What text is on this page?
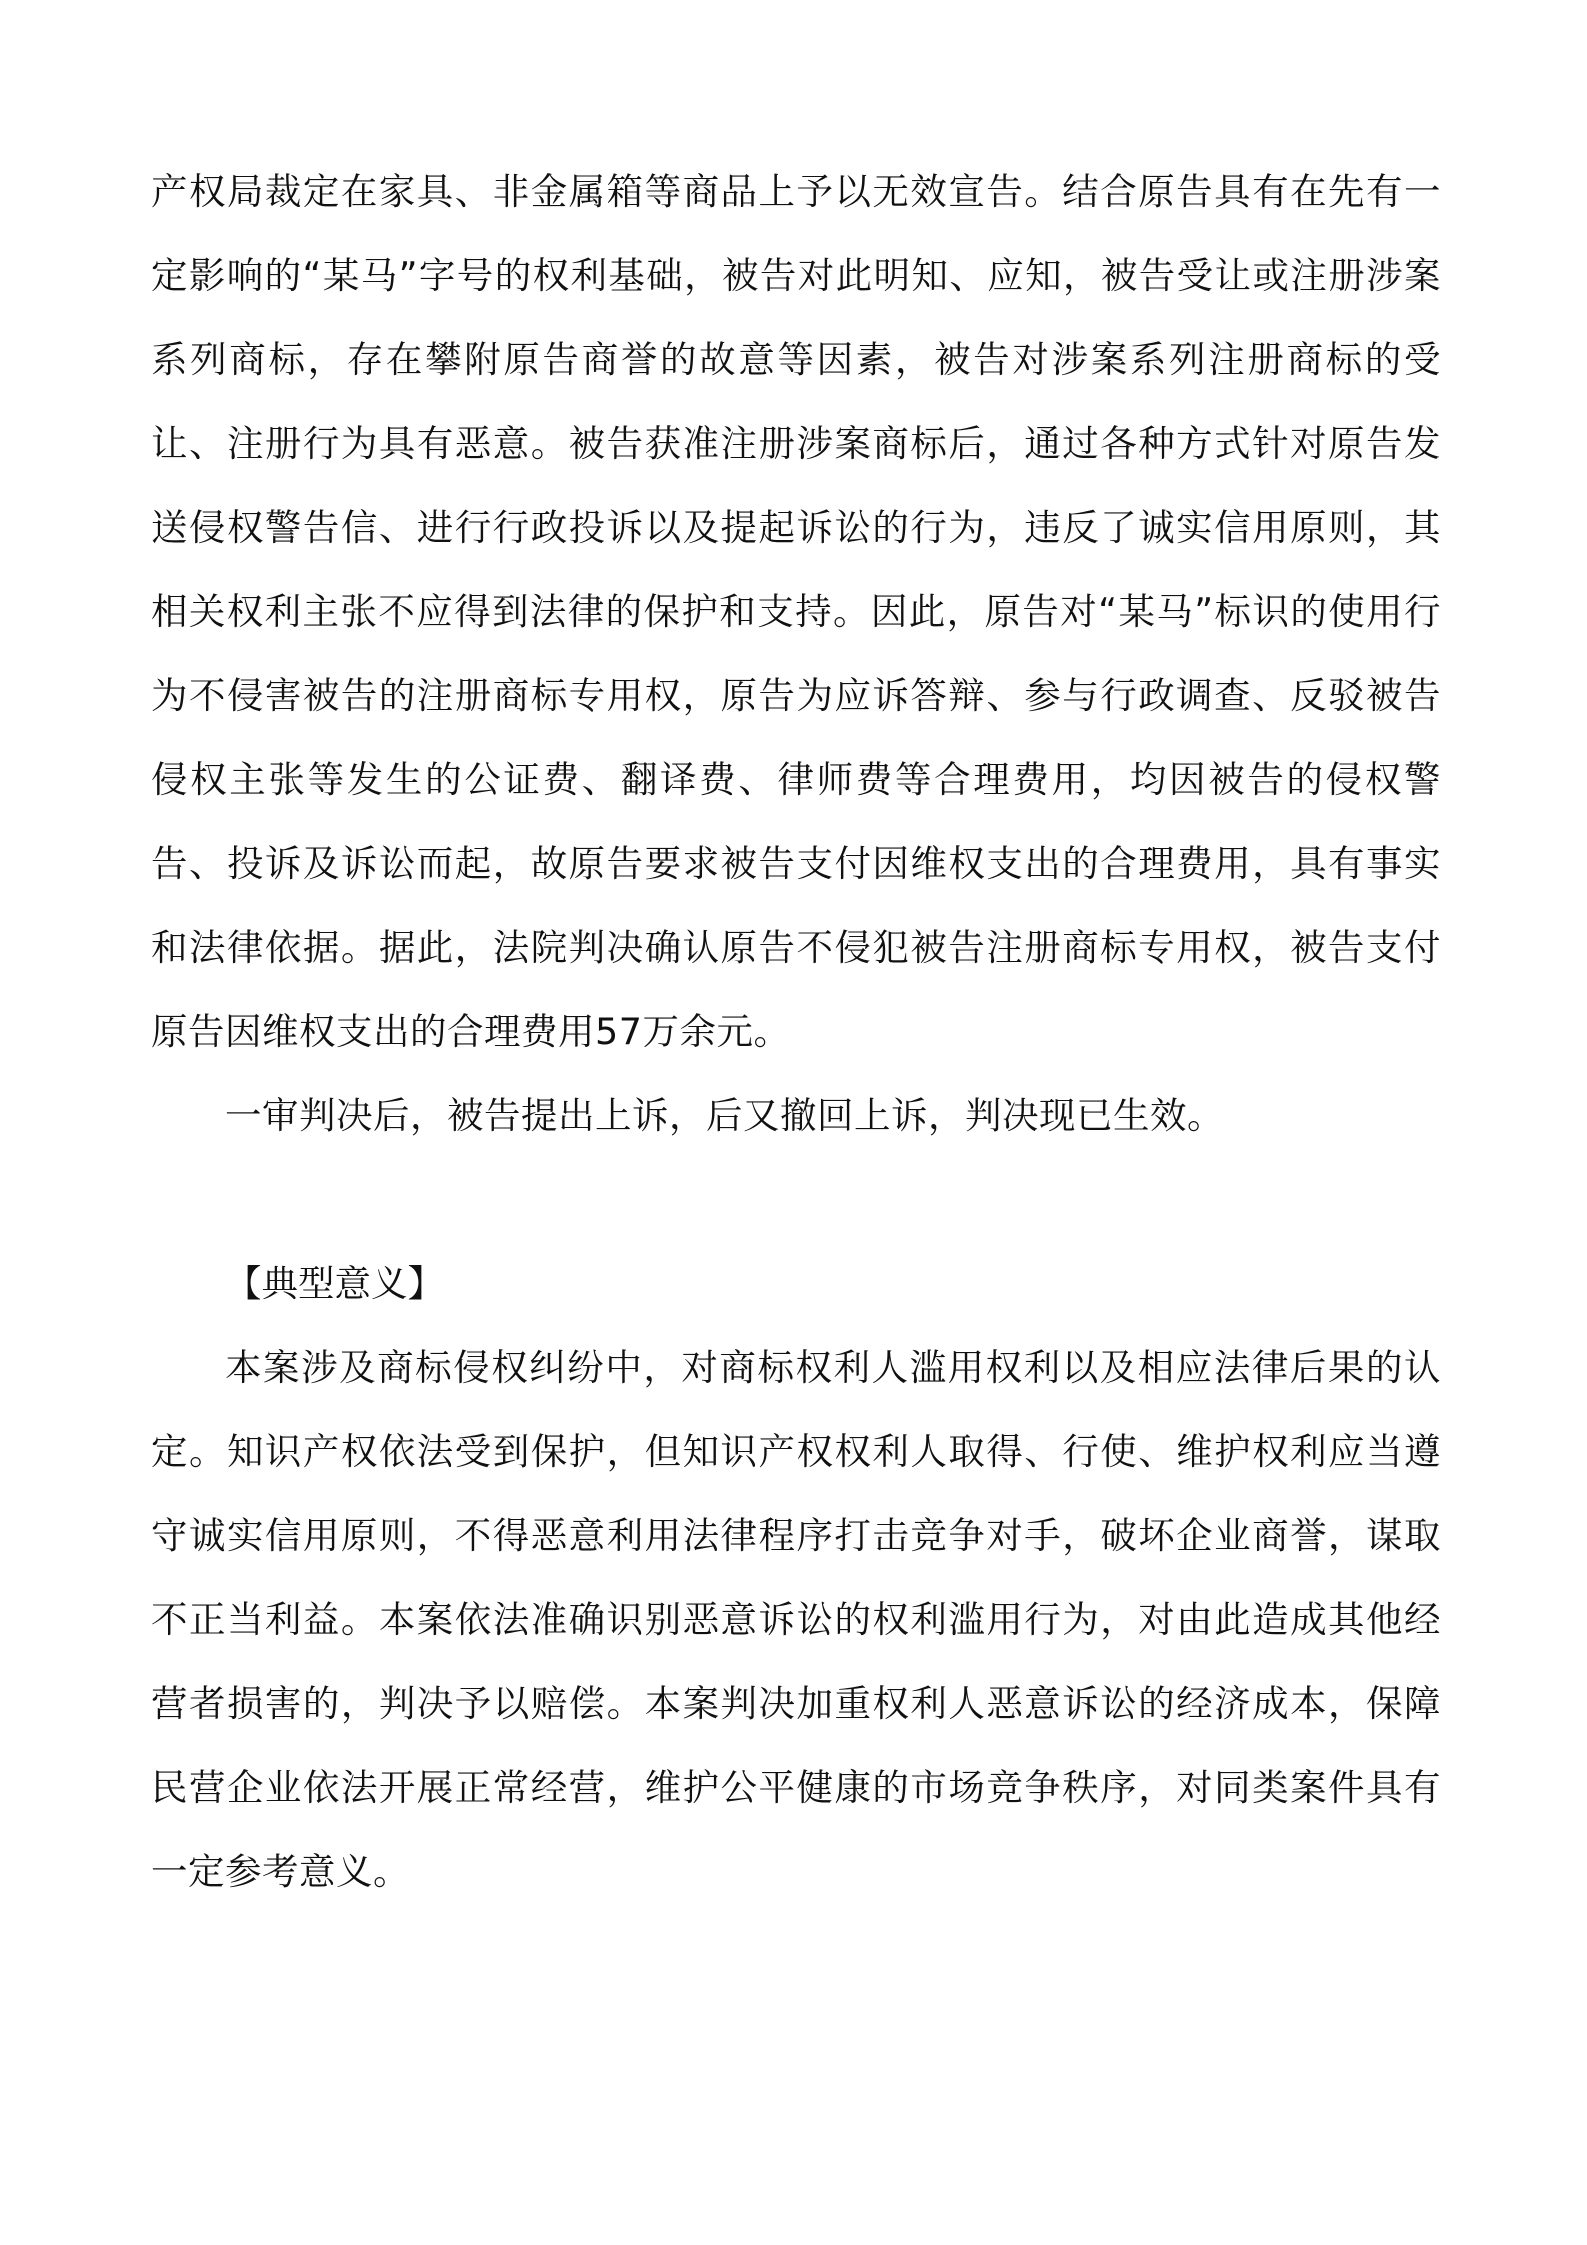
产权局裁定在家具、非金属箱等商品上予以无效宣告。结合原告具有在先有一定影响的“某马”字号的权利基础，被告对此明知、应知，被告受让或注册涉案系列商标，存在攀附原告商誉的故意等因素，被告对涉案系列注册商标的受让、注册行为具有恶意。被告获准注册涉案商标后，通过各种方式针对原告发送侵权警告信、进行行政投诉以及提起诉讼的行为，违反了诚实信用原则，其相关权利主张不应得到法律的保护和支持。因此，原告对“某马”标识的使用行为不侵害被告的注册商标专用权，原告为应诉答辩、参与行政调查、反驳被告侵权主张等发生的公证费、翻译费、律师费等合理费用，均因被告的侵权警告、投诉及诉讼而起，故原告要求被告支付因维权支出的合理费用，具有事实和法律依据。据此，法院判决确认原告不侵犯被告注册商标专用权，被告支付原告因维权支出的合理费用57万余元。

一审判决后，被告提出上诉，后又撤回上诉，判决现已生效。

【典型意义】

本案涉及商标侵权纠纷中，对商标权利人滥用权利以及相应法律后果的认定。知识产权依法受到保护，但知识产权权利人取得、行使、维护权利应当遵守诚实信用原则，不得恶意利用法律程序打击竞争对手，破坏企业商誉，谋取不正当利益。本案依法准确识别恶意诉讼的权利滥用行为，对由此造成其他经营者损害的，判决予以赔偿。本案判决加重权利人恶意诉讼的经济成本，保障民营企业依法开展正常经营，维护公平健康的市场竞争秩序，对同类案件具有一定参考意义。
